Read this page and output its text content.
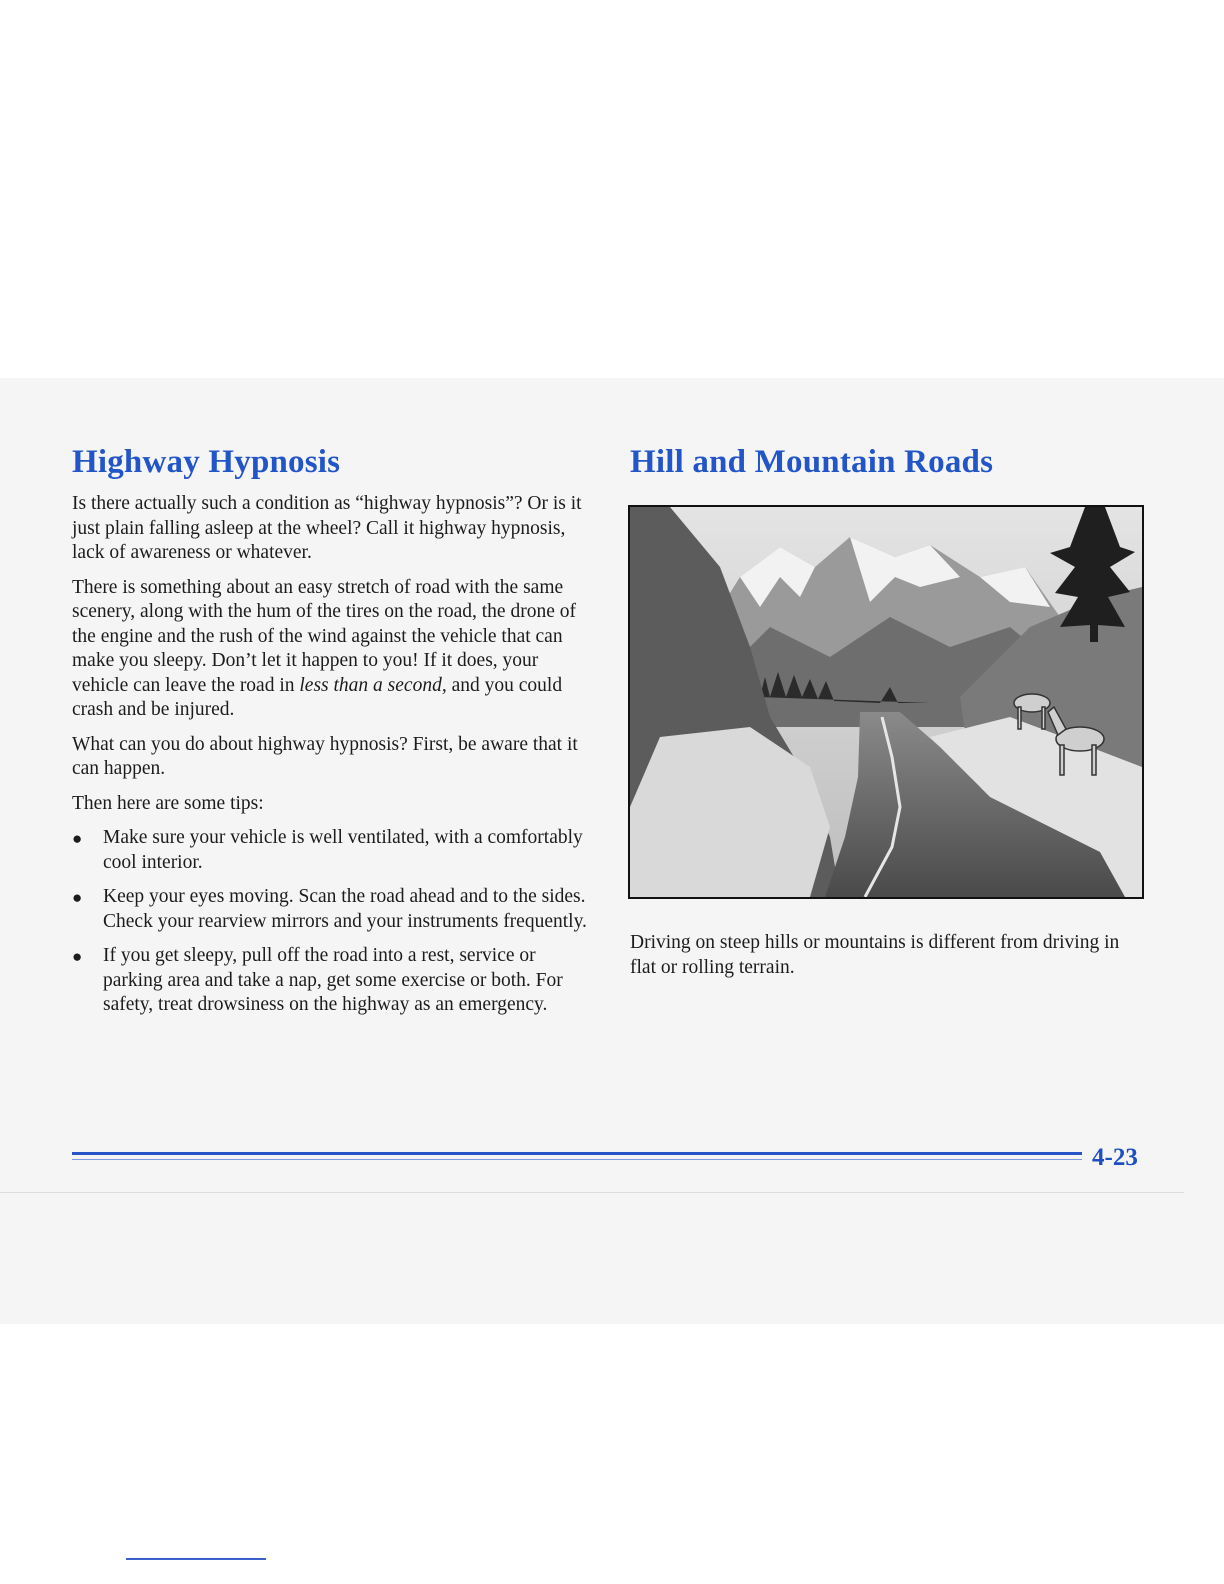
Highway Hypnosis

Is there actually such a condition as “highway hypnosis”? Or is it just plain falling asleep at the wheel? Call it highway hypnosis, lack of awareness or whatever.

There is something about an easy stretch of road with the same scenery, along with the hum of the tires on the road, the drone of the engine and the rush of the wind against the vehicle that can make you sleepy. Don’t let it happen to you! If it does, your vehicle can leave the road in less than a second, and you could crash and be injured.

What can you do about highway hypnosis? First, be aware that it can happen.

Then here are some tips:

● Make sure your vehicle is well ventilated, with a comfortably cool interior.
● Keep your eyes moving. Scan the road ahead and to the sides. Check your rearview mirrors and your instruments frequently.
● If you get sleepy, pull off the road into a rest, service or parking area and take a nap, get some exercise or both. For safety, treat drowsiness on the highway as an emergency.
Hill and Mountain Roads

Driving on steep hills or mountains is different from driving in flat or rolling terrain.

4-23
